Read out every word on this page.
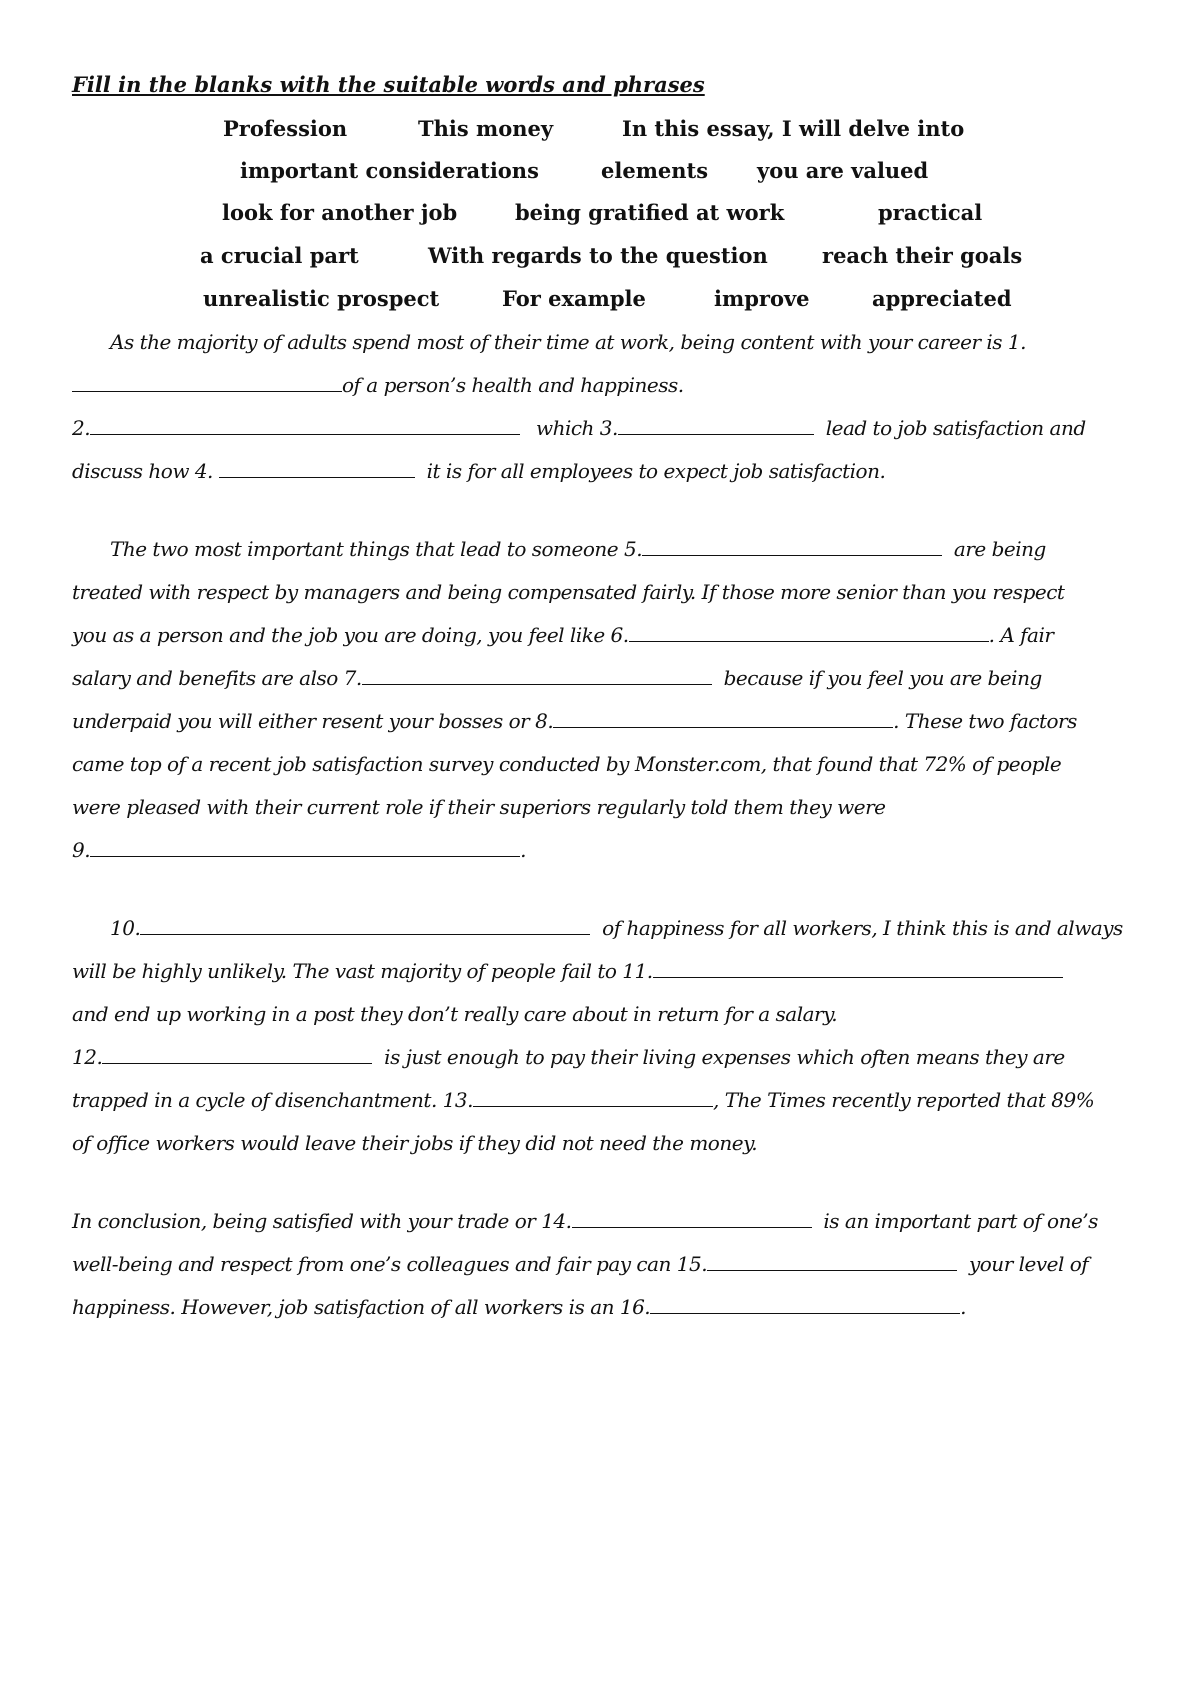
Fill in the blanks with the suitable words and phrases
Profession	This money	In this essay, I will delve into
important considerations	elements you are valued
look for another job	being gratified at work	practical
a crucial part	With regards to the question	reach their goals
unrealistic prospect	For example	improve	appreciated
As the majority of adults spend most of their time at work, being content with your career is 1.
of a person’s health and happiness.
2.	which 3.	lead to job satisfaction and
discuss how 4.	it is for all employees to expect job satisfaction.
The two most important things that lead to someone 5.	are being
treated with respect by managers and being compensated fairly. If those more senior than you respect
you as a person and the job you are doing, you feel like 6.	. A fair
salary and benefits are also 7.	because if you feel you are being
underpaid you will either resent your bosses or 8.	. These two factors
came top of a recent job satisfaction survey conducted by Monster.com, that found that 72% of people
were pleased with their current role if their superiors regularly told them they were
9.	.
10.	of happiness for all workers, I think this is and always
will be highly unlikely. The vast majority of people fail to 11.
and end up working in a post they don’t really care about in return for a salary.
12.	is just enough to pay their living expenses which often means they are
trapped in a cycle of disenchantment. 13.	, The Times recently reported that 89%
of office workers would leave their jobs if they did not need the money.
In conclusion, being satisfied with your trade or 14.	is an important part of one’s
well-being and respect from one’s colleagues and fair pay can 15.	your level of
happiness. However, job satisfaction of all workers is an 16.	.
